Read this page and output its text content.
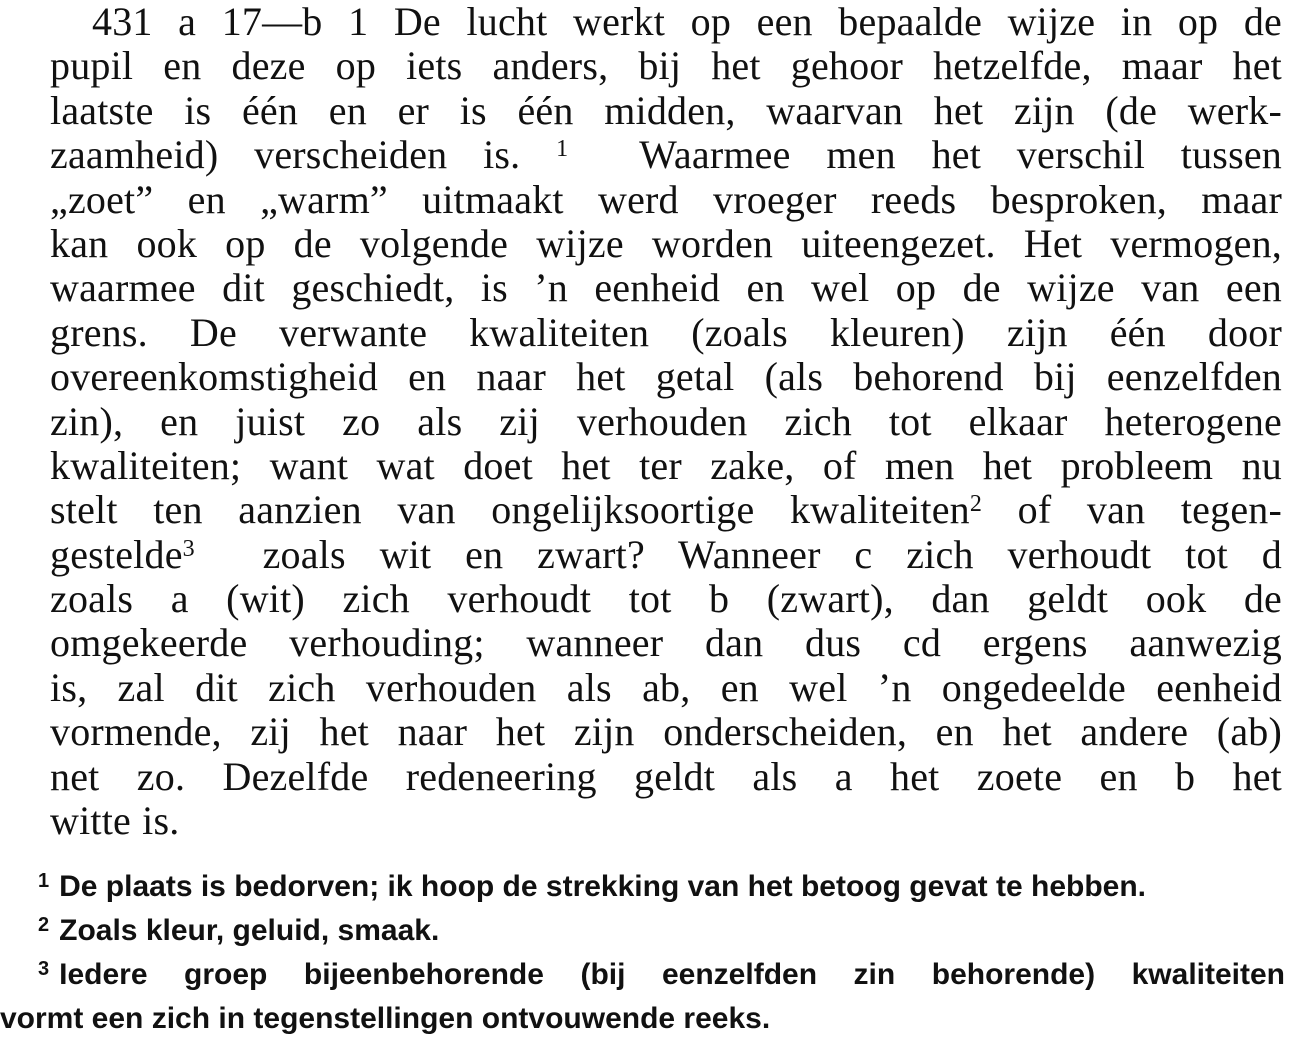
431 a 17—b 1 De lucht werkt op een bepaalde wijze in op de
pupil en deze op iets anders, bij het gehoor hetzelfde, maar het
laatste is één en er is één midden, waarvan het zijn (de werk-
zaamheid) verscheiden is. $^1$ Waarmee men het verschil tussen
„zoet” en „warm” uitmaakt werd vroeger reeds besproken, maar
kan ook op de volgende wijze worden uiteengezet. Het vermogen,
waarmee dit geschiedt, is ’n eenheid en wel op de wijze van een
grens. De verwante kwaliteiten (zoals kleuren) zijn één door
overeenkomstigheid en naar het getal (als behorend bij eenzelfden
zin), en juist zo als zij verhouden zich tot elkaar heterogene
kwaliteiten; want wat doet het ter zake, of men het probleem nu
stelt ten aanzien van ongelijksoortige kwaliteiten$^2$ of van tegen-
gestelde$^3$ zoals wit en zwart? Wanneer c zich verhoudt tot d
zoals a (wit) zich verhoudt tot b (zwart), dan geldt ook de
omgekeerde verhouding; wanneer dan dus cd ergens aanwezig
is, zal dit zich verhouden als ab, en wel ’n ongedeelde eenheid
vormende, zij het naar het zijn onderscheiden, en het andere (ab)
net zo. Dezelfde redeneering geldt als a het zoete en b het
witte is.
$^1$ De plaats is bedorven; ik hoop de strekking van het betoog gevat te hebben.
$^2$ Zoals kleur, geluid, smaak.
$^3$ Iedere groep bijeenbehorende (bij eenzelfden zin behorende) kwaliteiten
vormt een zich in tegenstellingen ontvouwende reeks.
